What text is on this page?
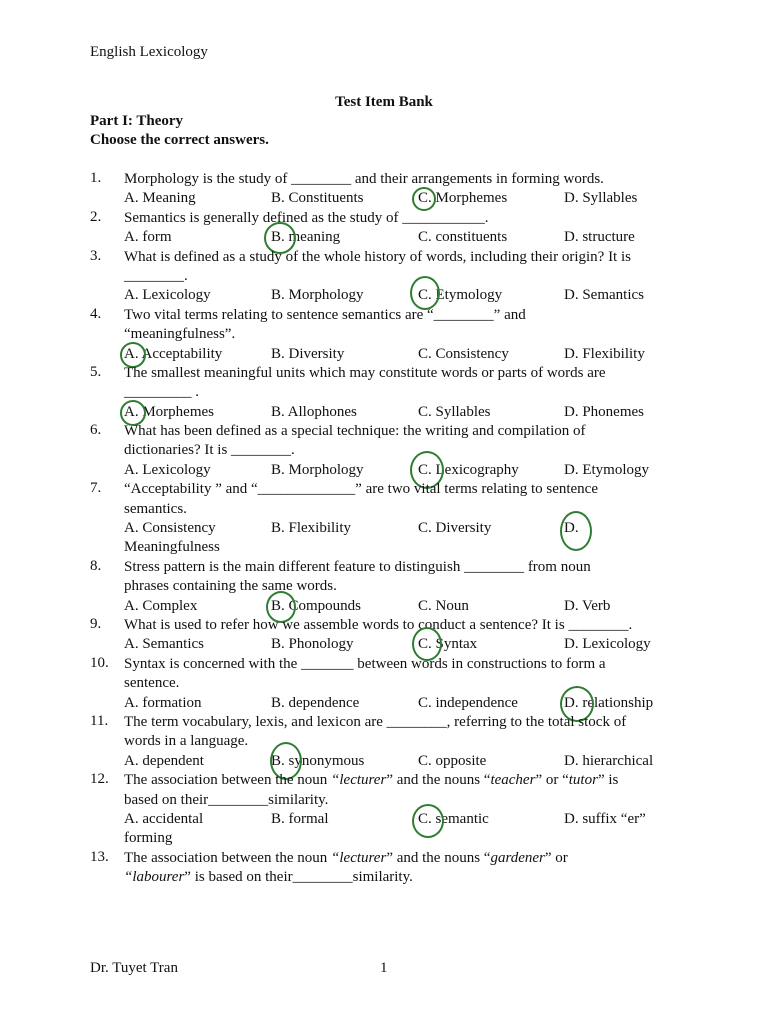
English Lexicology
Test Item Bank
Part I: Theory
Choose the correct answers.
1.	Morphology is the study of ________ and their arrangements in forming words.
A. Meaning	B. Constituents	C. Morphemes	D. Syllables
2.	Semantics is generally defined as the study of ___________.
A. form	B. meaning	C. constituents	D. structure
3.	What is defined as a study of the whole history of words, including their origin? It is
________.
A. Lexicology	B. Morphology	C. Etymology	D. Semantics
4.	Two vital terms relating to sentence semantics are “________” and
“meaningfulness”.
A. Acceptability	B. Diversity	C. Consistency	D. Flexibility
5.	The smallest meaningful units which may constitute words or parts of words are
_________ .
A. Morphemes	B. Allophones	C. Syllables	D. Phonemes
6.	What has been defined as a special technique: the writing and compilation of
dictionaries? It is ________.
A. Lexicology	B. Morphology	C. Lexicography	D. Etymology
7.	“Acceptability ” and “_____________” are two vital terms relating to sentence
semantics.
A. Consistency	B. Flexibility	C. Diversity	D.
Meaningfulness
8.	Stress pattern is the main different feature to distinguish ________ from noun
phrases containing the same words.
A. Complex	B. Compounds	C. Noun	D. Verb
9.	What is used to refer how we assemble words to conduct a sentence? It is ________.
A. Semantics	B. Phonology	C. Syntax	D. Lexicology
10.	Syntax is concerned with the _______ between words in constructions to form a
sentence.
A. formation	B. dependence	C. independence	D. relationship
11.	The term vocabulary, lexis, and lexicon are ________, referring to the total stock of
words in a language.
A. dependent	B. synonymous	C. opposite	D. hierarchical
12.	The association between the noun “lecturer” and the nouns “teacher” or “tutor” is
based on their________similarity.
A. accidental	B. formal	C. semantic	D. suffix “er”
forming
13.	The association between the noun “lecturer” and the nouns “gardener” or
“labourer” is based on their________similarity.
Dr. Tuyet Tran	1
